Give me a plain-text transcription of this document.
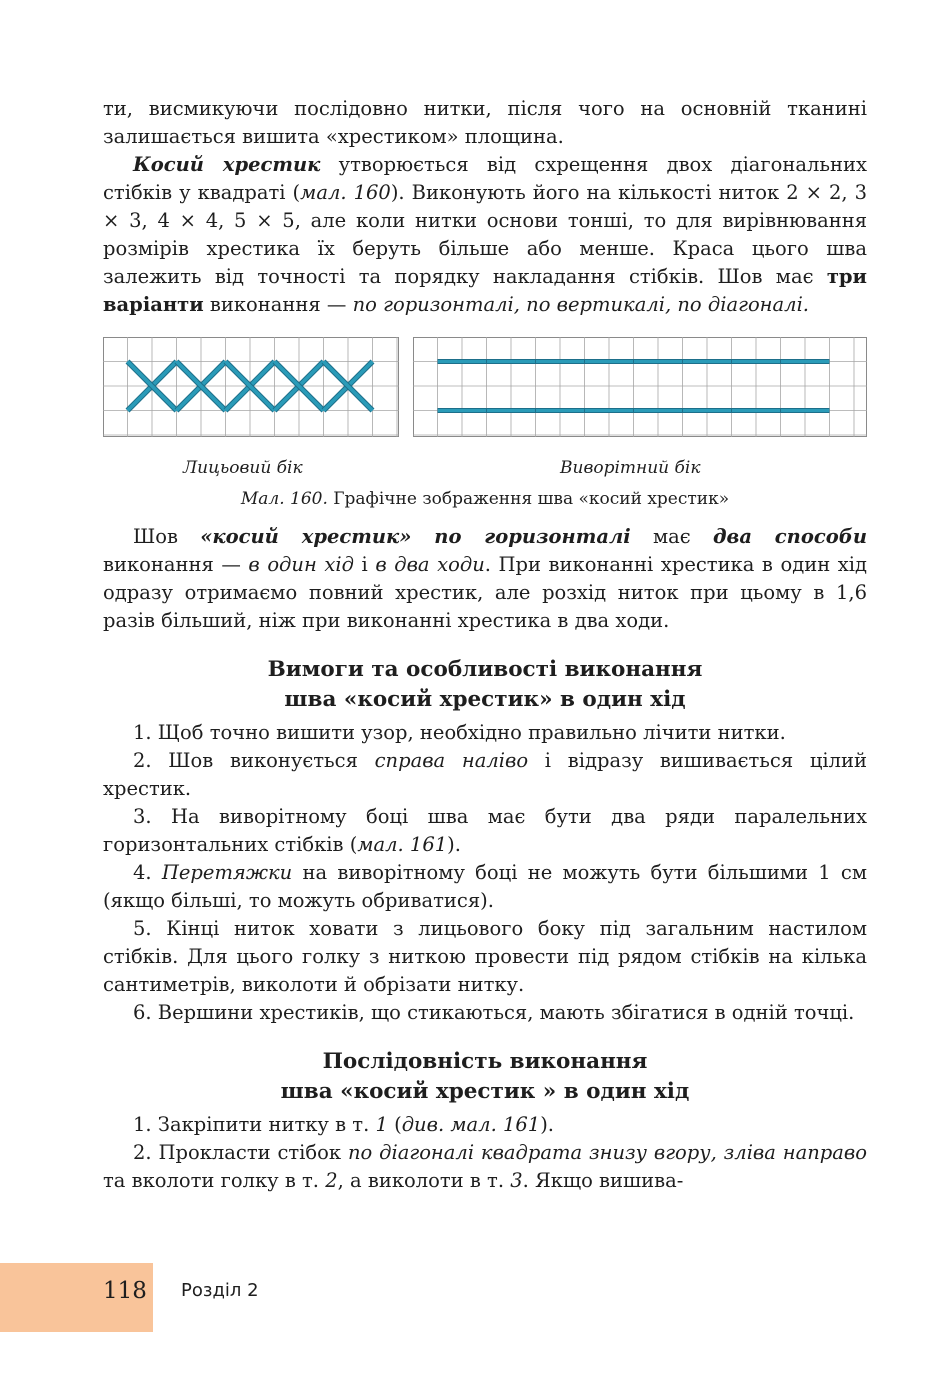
ти, висмикуючи послідовно нитки, після чого на основній тканині залишається вишита «хрестиком» площина.

Косий хрестик утворюється від схрещення двох діагональних стібків у квадраті (мал. 160). Виконують його на кількості ниток 2 × 2, 3 × 3, 4 × 4, 5 × 5, але коли нитки основи тонші, то для вирівнювання розмірів хрестика їх беруть більше або менше. Краса цього шва залежить від точності та порядку накладання стібків. Шов має три варіанти виконання — по горизонталі, по вертикалі, по діагоналі.

Лицьовий бік	Виворітний бік
Мал. 160. Графічне зображення шва «косий хрестик»

Шов «косий хрестик» по горизонталі має два способи виконання — в один хід і в два ходи. При виконанні хрестика в один хід одразу отримаємо повний хрестик, але розхід ниток при цьому в 1,6 разів більший, ніж при виконанні хрестика в два ходи.

Вимоги та особливості виконання
шва «косий хрестик» в один хід

1. Щоб точно вишити узор, необхідно правильно лічити нитки.

2. Шов виконується справа наліво і відразу вишивається цілий хрестик.

3. На виворітному боці шва має бути два ряди паралельних горизонтальних стібків (мал. 161).

4. Перетяжки на виворітному боці не можуть бути більшими 1 см (якщо більші, то можуть обриватися).

5. Кінці ниток ховати з лицьового боку під загальним настилом стібків. Для цього голку з ниткою провести під рядом стібків на кілька сантиметрів, виколоти й обрізати нитку.

6. Вершини хрестиків, що стикаються, мають збігатися в одній точці.

Послідовність виконання
шва «косий хрестик » в один хід

1. Закріпити нитку в т. 1 (див. мал. 161).

2. Прокласти стібок по діагоналі квадрата знизу вгору, зліва направо та вколоти голку в т. 2, а виколоти в т. 3. Якщо вишива-

118 Розділ 2
